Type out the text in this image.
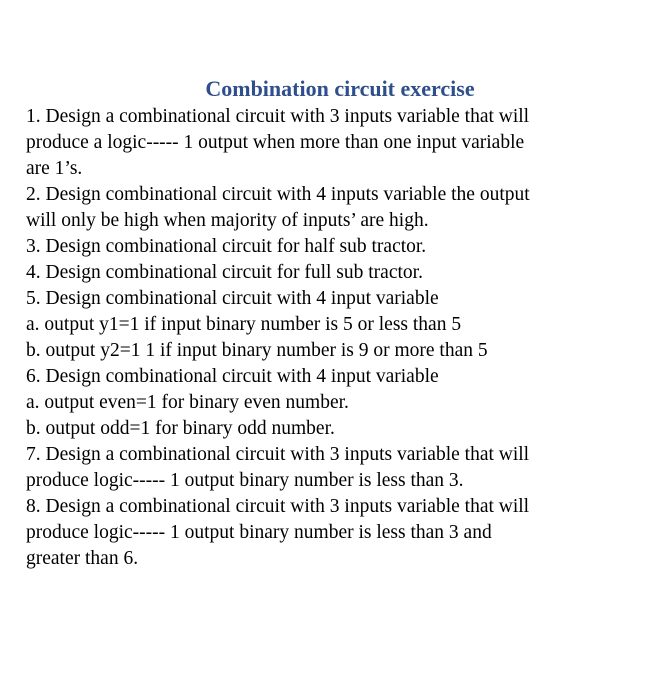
Combination circuit exercise

1. Design a combinational circuit with 3 inputs variable that will

produce a logic----- 1 output when more than one input variable

are 1’s.

2. Design combinational circuit with 4 inputs variable the output

will only be high when majority of inputs’ are high.

3. Design combinational circuit for half sub tractor.

4. Design combinational circuit for full sub tractor.

5. Design combinational circuit with 4 input variable

a. output y1=1 if input binary number is 5 or less than 5

b. output y2=1 1 if input binary number is 9 or more than 5

6. Design combinational circuit with 4 input variable

a. output even=1 for binary even number.

b. output odd=1 for binary odd number.

7. Design a combinational circuit with 3 inputs variable that will

produce logic----- 1 output binary number is less than 3.

8. Design a combinational circuit with 3 inputs variable that will

produce logic----- 1 output binary number is less than 3 and

greater than 6.
